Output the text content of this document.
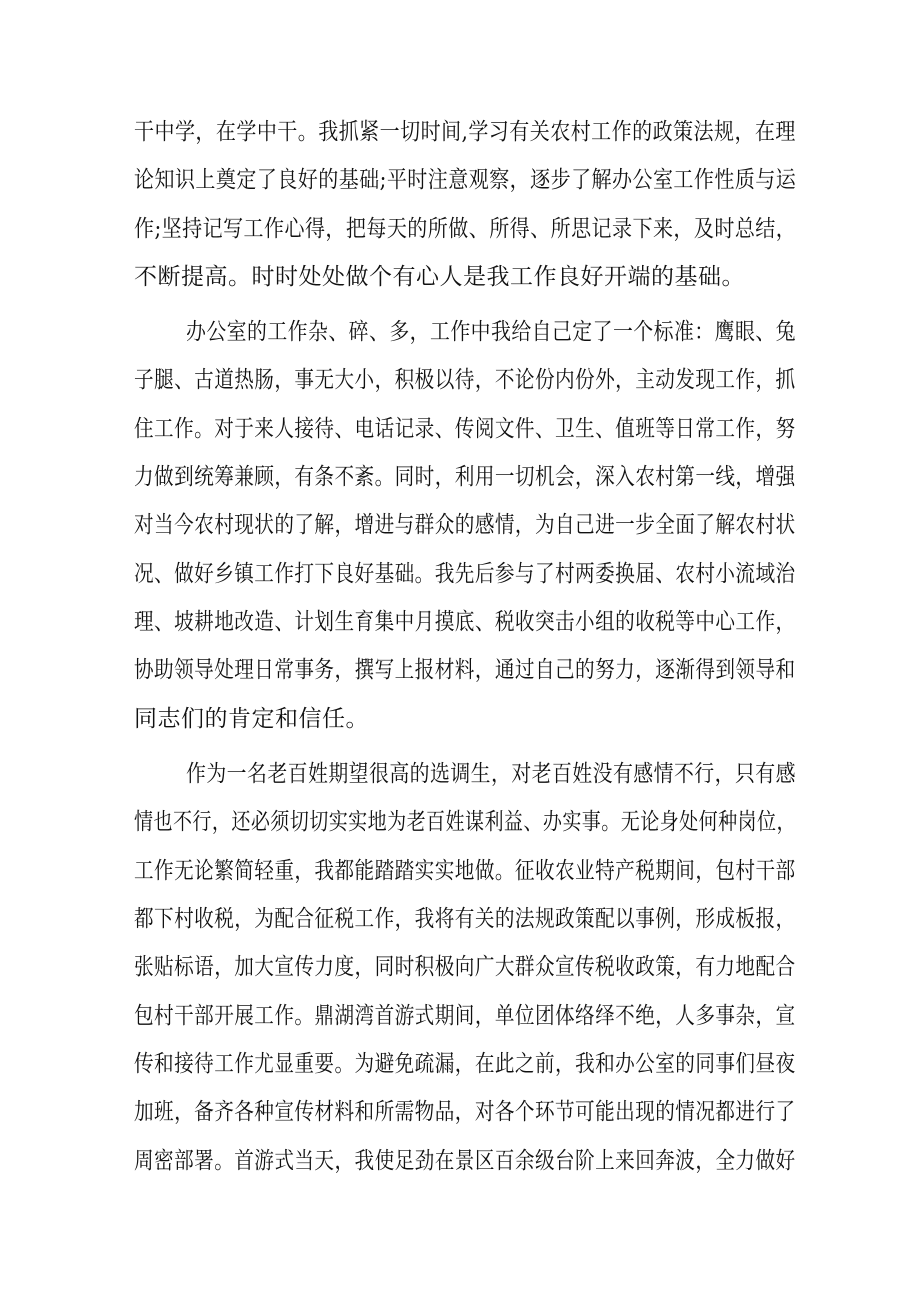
干中学，在学中干。我抓紧一切时间,学习有关农村工作的政策法规，在理
论知识上奠定了良好的基础;平时注意观察，逐步了解办公室工作性质与运
作;坚持记写工作心得，把每天的所做、所得、所思记录下来，及时总结，
不断提高。时时处处做个有心人是我工作良好开端的基础。
办公室的工作杂、碎、多，工作中我给自己定了一个标准：鹰眼、兔
子腿、古道热肠，事无大小，积极以待，不论份内份外，主动发现工作，抓
住工作。对于来人接待、电话记录、传阅文件、卫生、值班等日常工作，努
力做到统筹兼顾，有条不紊。同时，利用一切机会，深入农村第一线，增强
对当今农村现状的了解，增进与群众的感情，为自己进一步全面了解农村状
况、做好乡镇工作打下良好基础。我先后参与了村两委换届、农村小流域治
理、坡耕地改造、计划生育集中月摸底、税收突击小组的收税等中心工作，
协助领导处理日常事务，撰写上报材料，通过自己的努力，逐渐得到领导和
同志们的肯定和信任。
作为一名老百姓期望很高的选调生，对老百姓没有感情不行，只有感
情也不行，还必须切切实实地为老百姓谋利益、办实事。无论身处何种岗位，
工作无论繁简轻重，我都能踏踏实实地做。征收农业特产税期间，包村干部
都下村收税，为配合征税工作，我将有关的法规政策配以事例，形成板报，
张贴标语，加大宣传力度，同时积极向广大群众宣传税收政策，有力地配合
包村干部开展工作。鼎湖湾首游式期间，单位团体络绎不绝，人多事杂，宣
传和接待工作尤显重要。为避免疏漏，在此之前，我和办公室的同事们昼夜
加班，备齐各种宣传材料和所需物品，对各个环节可能出现的情况都进行了
周密部署。首游式当天，我使足劲在景区百余级台阶上来回奔波，全力做好
